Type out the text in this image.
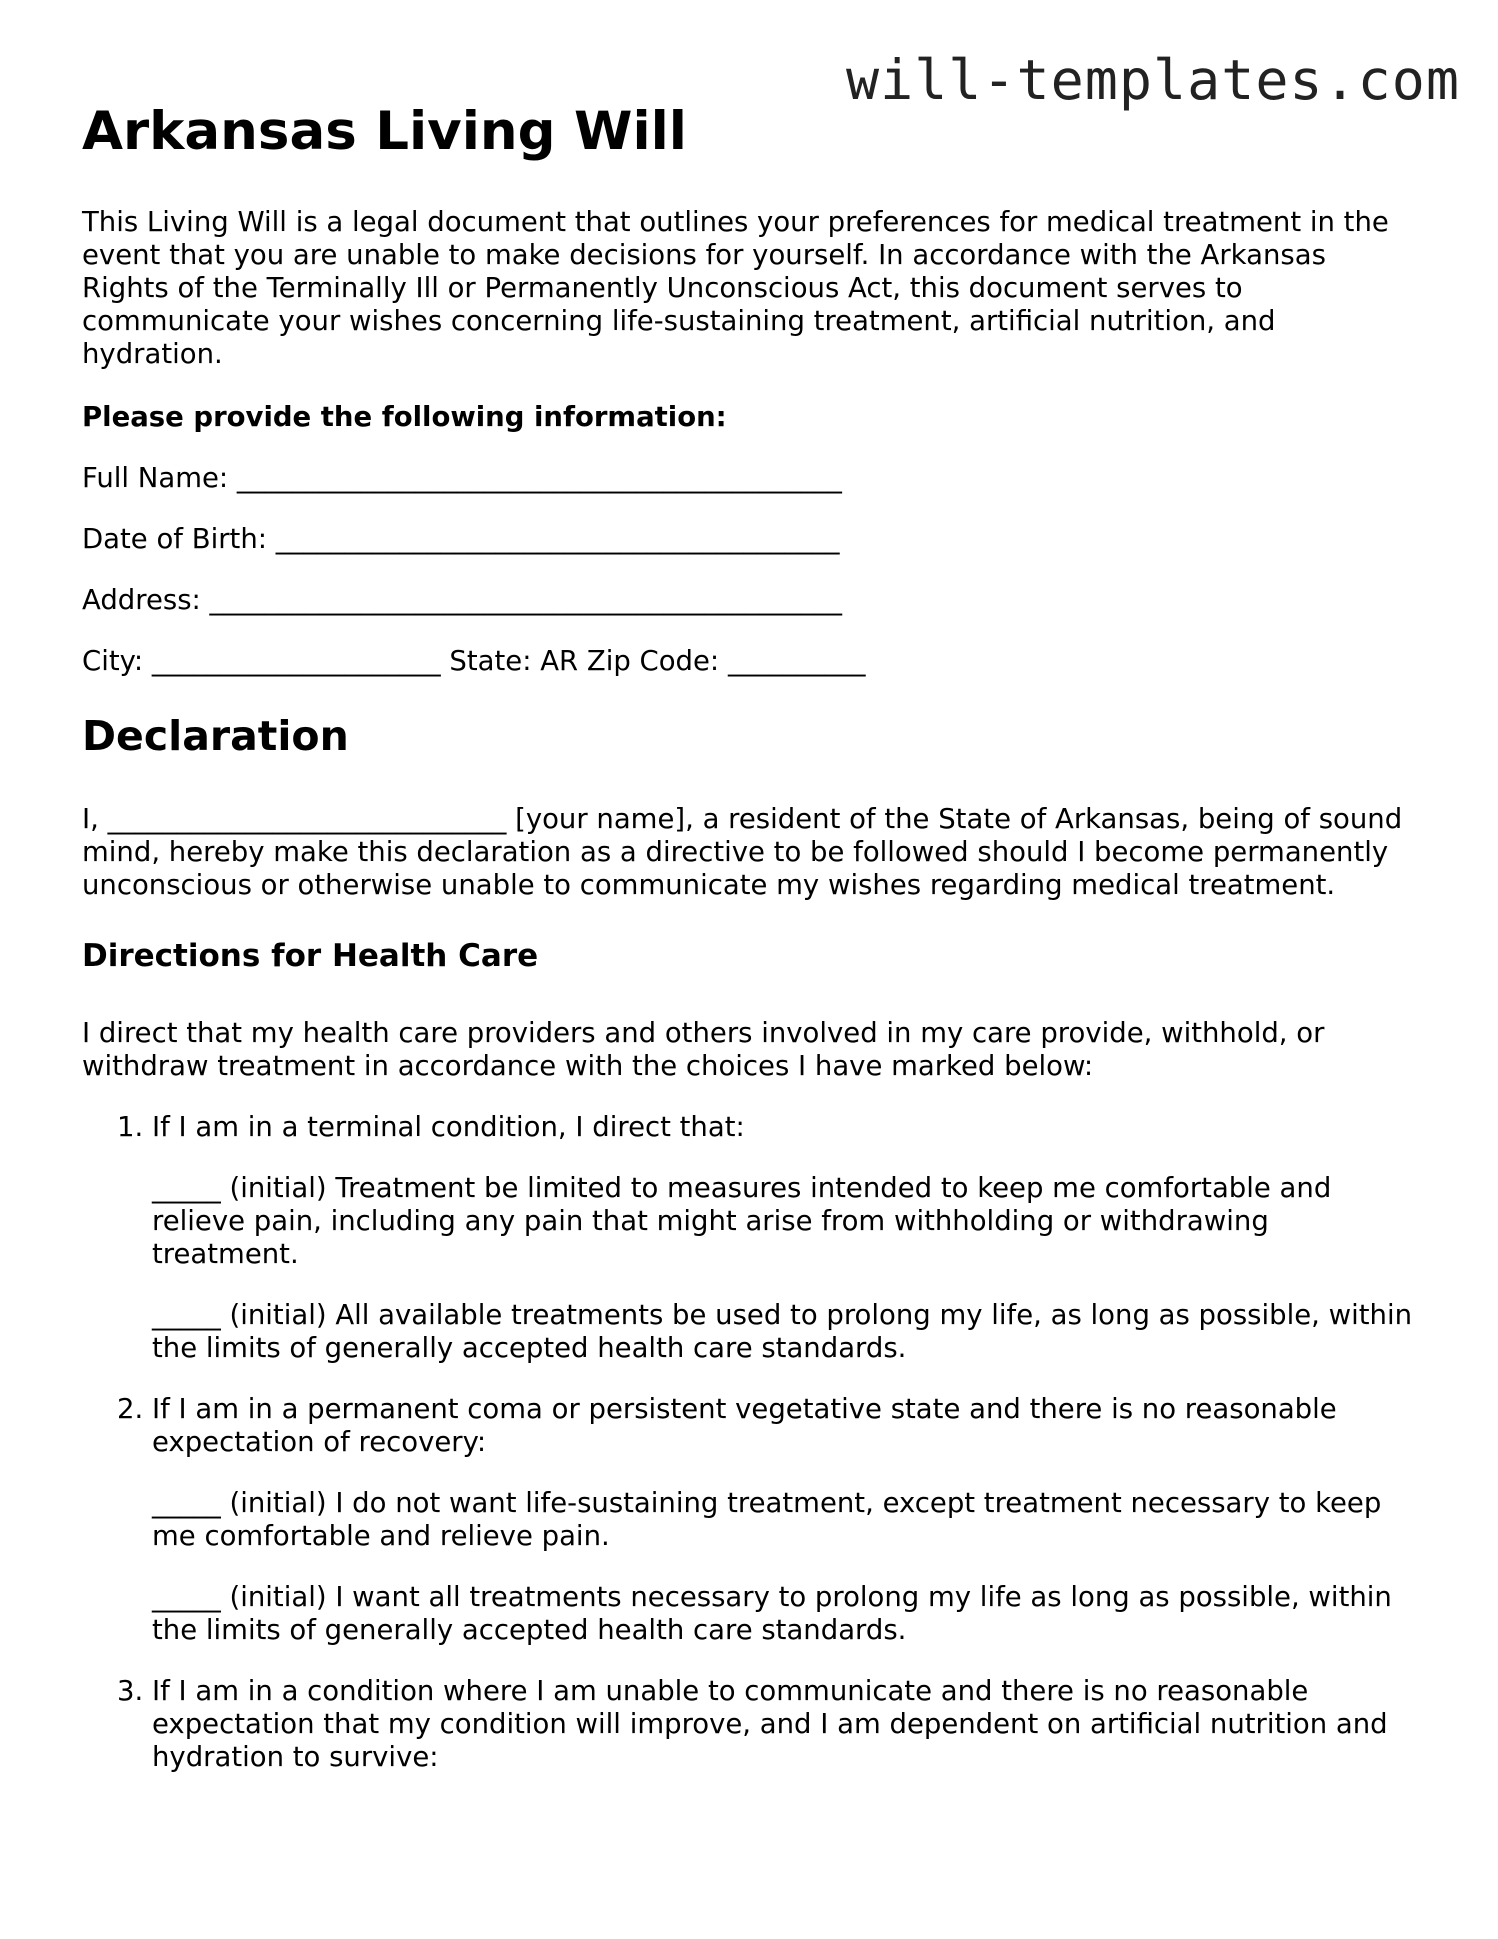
will-templates.com
Arkansas Living Will

This Living Will is a legal document that outlines your preferences for medical treatment in the event that you are unable to make decisions for yourself. In accordance with the Arkansas Rights of the Terminally Ill or Permanently Unconscious Act, this document serves to communicate your wishes concerning life-sustaining treatment, artificial nutrition, and hydration.

Please provide the following information:

Full Name: ____________________________________________

Date of Birth: _________________________________________

Address: ______________________________________________

City: _____________________ State: AR Zip Code: __________

Declaration

I, _____________________________ [your name], a resident of the State of Arkansas, being of sound mind, hereby make this declaration as a directive to be followed should I become permanently unconscious or otherwise unable to communicate my wishes regarding medical treatment.

Directions for Health Care

I direct that my health care providers and others involved in my care provide, withhold, or withdraw treatment in accordance with the choices I have marked below:

1. If I am in a terminal condition, I direct that:

_____ (initial) Treatment be limited to measures intended to keep me comfortable and relieve pain, including any pain that might arise from withholding or withdrawing treatment.

_____ (initial) All available treatments be used to prolong my life, as long as possible, within the limits of generally accepted health care standards.

2. If I am in a permanent coma or persistent vegetative state and there is no reasonable expectation of recovery:

_____ (initial) I do not want life-sustaining treatment, except treatment necessary to keep me comfortable and relieve pain.

_____ (initial) I want all treatments necessary to prolong my life as long as possible, within the limits of generally accepted health care standards.

3. If I am in a condition where I am unable to communicate and there is no reasonable expectation that my condition will improve, and I am dependent on artificial nutrition and hydration to survive:
